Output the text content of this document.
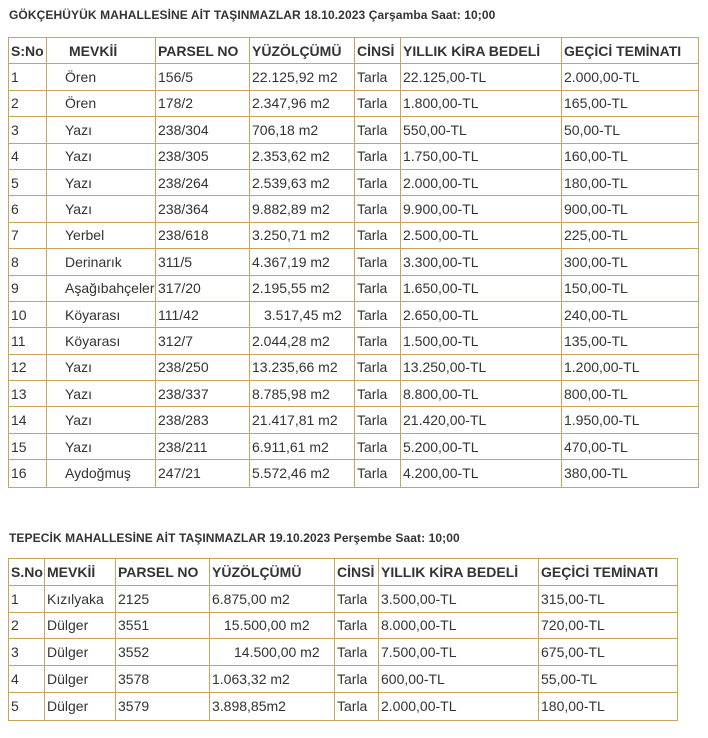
GÖKÇEHÜYÜK MAHALLESİNE AİT TAŞINMAZLAR 18.10.2023 Çarşamba Saat: 10;00
S:No	MEVKİİ	PARSEL NO	YÜZÖLÇÜMÜ	CİNSİ	YILLIK KİRA BEDELİ	GEÇİCİ TEMİNATI
1	Ören	156/5	22.125,92 m2	Tarla	22.125,00-TL	2.000,00-TL
2	Ören	178/2	2.347,96 m2	Tarla	1.800,00-TL	165,00-TL
3	Yazı	238/304	706,18 m2	Tarla	550,00-TL	50,00-TL
4	Yazı	238/305	2.353,62 m2	Tarla	1.750,00-TL	160,00-TL
5	Yazı	238/264	2.539,63 m2	Tarla	2.000,00-TL	180,00-TL
6	Yazı	238/364	9.882,89 m2	Tarla	9.900,00-TL	900,00-TL
7	Yerbel	238/618	3.250,71 m2	Tarla	2.500,00-TL	225,00-TL
8	Derinarık	311/5	4.367,19 m2	Tarla	3.300,00-TL	300,00-TL
9	Aşağıbahçeler	317/20	2.195,55 m2	Tarla	1.650,00-TL	150,00-TL
10	Köyarası	111/42	3.517,45 m2	Tarla	2.650,00-TL	240,00-TL
11	Köyarası	312/7	2.044,28 m2	Tarla	1.500,00-TL	135,00-TL
12	Yazı	238/250	13.235,66 m2	Tarla	13.250,00-TL	1.200,00-TL
13	Yazı	238/337	8.785,98 m2	Tarla	8.800,00-TL	800,00-TL
14	Yazı	238/283	21.417,81 m2	Tarla	21.420,00-TL	1.950,00-TL
15	Yazı	238/211	6.911,61 m2	Tarla	5.200,00-TL	470,00-TL
16	Aydoğmuş	247/21	5.572,46 m2	Tarla	4.200,00-TL	380,00-TL
TEPECİK MAHALLESİNE AİT TAŞINMAZLAR 19.10.2023 Perşembe Saat: 10;00
S.No	MEVKİİ	PARSEL NO	YÜZÖLÇÜMÜ	CİNSİ	YILLIK KİRA BEDELİ	GEÇİCİ TEMİNATI
1	Kızılyaka	2125	6.875,00 m2	Tarla	3.500,00-TL	315,00-TL
2	Dülger	3551	15.500,00 m2	Tarla	8.000,00-TL	720,00-TL
3	Dülger	3552	14.500,00 m2	Tarla	7.500,00-TL	675,00-TL
4	Dülger	3578	1.063,32 m2	Tarla	600,00-TL	55,00-TL
5	Dülger	3579	3.898,85m2	Tarla	2.000,00-TL	180,00-TL
